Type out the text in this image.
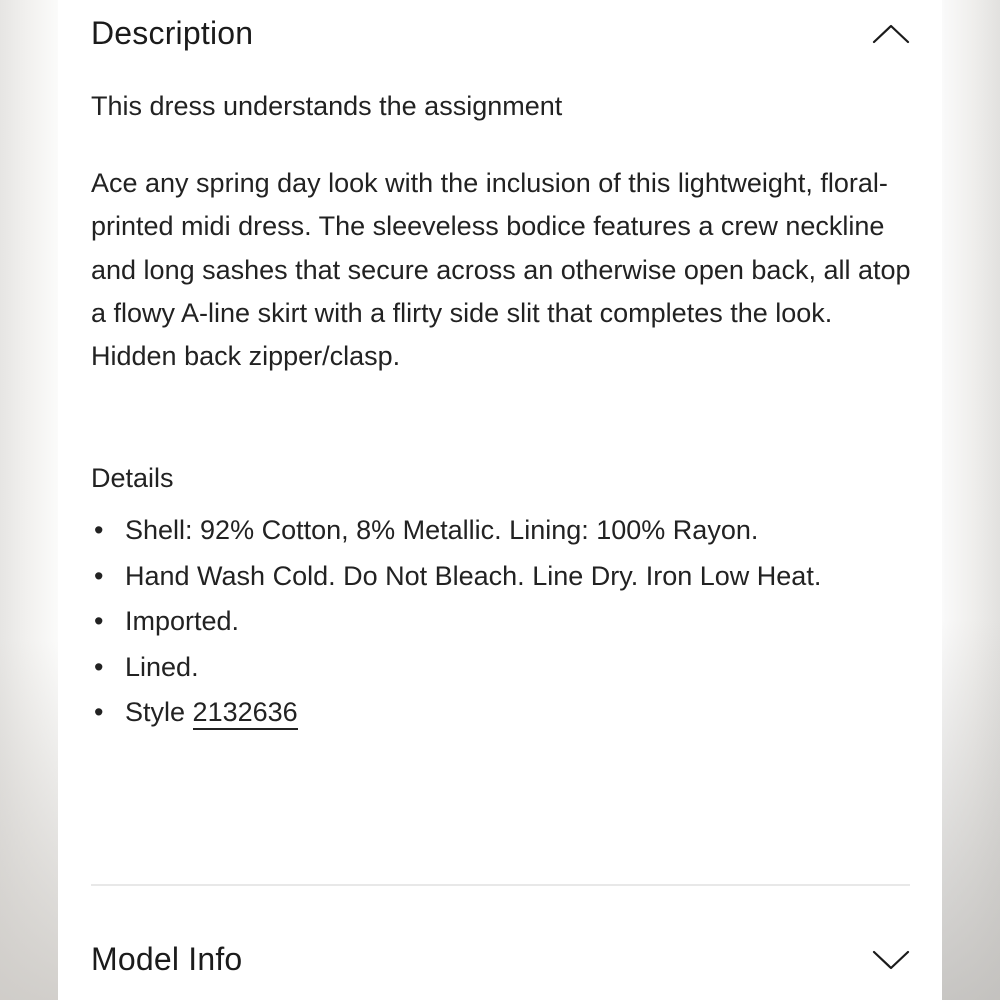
Description
This dress understands the assignment

Ace any spring day look with the inclusion of this lightweight, floral-printed midi dress. The sleeveless bodice features a crew neckline and long sashes that secure across an otherwise open back, all atop a flowy A-line skirt with a flirty side slit that completes the look. Hidden back zipper/clasp.

Details
• Shell: 92% Cotton, 8% Metallic. Lining: 100% Rayon.
• Hand Wash Cold. Do Not Bleach. Line Dry. Iron Low Heat.
• Imported.
• Lined.
• Style 2132636
Model Info
